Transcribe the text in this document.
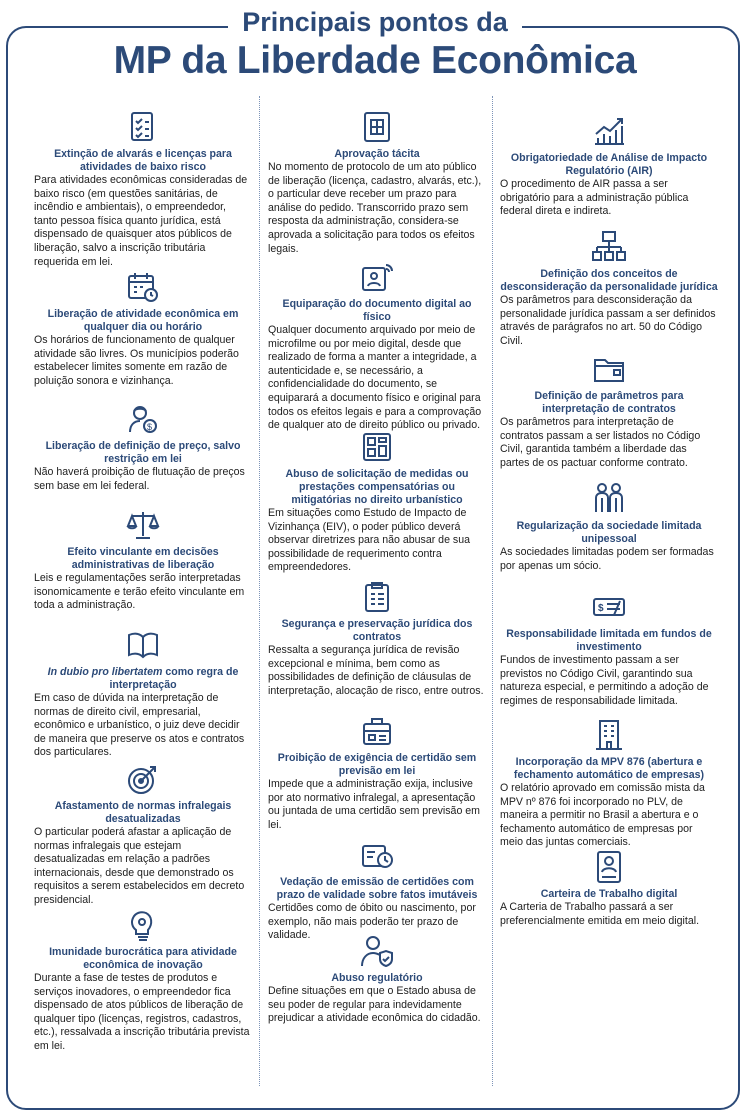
Principais pontos da
MP da Liberdade Econômica
Extinção de alvarás e licenças para atividades de baixo risco
Para atividades econômicas consideradas de baixo risco (em questões sanitárias, de incêndio e ambientais), o empreendedor, tanto pessoa física quanto jurídica, está dispensado de quaisquer atos públicos de liberação, salvo a inscrição tributária requerida em lei.
Liberação de atividade econômica em qualquer dia ou horário
Os horários de funcionamento de qualquer atividade são livres. Os municípios poderão estabelecer limites somente em razão de poluição sonora e vizinhança.
$
Liberação de definição de preço, salvo restrição em lei
Não haverá proibição de flutuação de preços sem base em lei federal.
Efeito vinculante em decisões administrativas de liberação
Leis e regulamentações serão interpretadas isonomicamente e terão efeito vinculante em toda a administração.
In dubio pro libertatem como regra de interpretação
Em caso de dúvida na interpretação de normas de direito civil, empresarial, econômico e urbanístico, o juiz deve decidir de maneira que preserve os atos e contratos dos particulares.
Afastamento de normas infralegais desatualizadas
O particular poderá afastar a aplicação de normas infralegais que estejam desatualizadas em relação a padrões internacionais, desde que demonstrado os requisitos a serem estabelecidos em decreto presidencial.
Imunidade burocrática para atividade econômica de inovação
Durante a fase de testes de produtos e serviços inovadores, o empreendedor fica dispensado de atos públicos de liberação de qualquer tipo (licenças, registros, cadastros, etc.), ressalvada a inscrição tributária prevista em lei.
Aprovação tácita
No momento de protocolo de um ato público de liberação (licença, cadastro, alvarás, etc.), o particular deve receber um prazo para análise do pedido. Transcorrido prazo sem resposta da administração, considera-se aprovada a solicitação para todos os efeitos legais.
Equiparação do documento digital ao físico
Qualquer documento arquivado por meio de microfilme ou por meio digital, desde que realizado de forma a manter a integridade, a autenticidade e, se necessário, a confidencialidade do documento, se equiparará a documento físico e original para todos os efeitos legais e para a comprovação de qualquer ato de direito público ou privado.
Abuso de solicitação de medidas ou prestações compensatórias ou mitigatórias no direito urbanístico
Em situações como Estudo de Impacto de Vizinhança (EIV), o poder público deverá observar diretrizes para não abusar de sua possibilidade de requerimento contra empreendedores.
Segurança e preservação jurídica dos contratos
Ressalta a segurança jurídica de revisão excepcional e mínima, bem como as possibilidades de definição de cláusulas de interpretação, alocação de risco, entre outros.
Proibição de exigência de certidão sem previsão em lei
Impede que a administração exija, inclusive por ato normativo infralegal, a apresentação ou juntada de uma certidão sem previsão em lei.
Vedação de emissão de certidões com prazo de validade sobre fatos imutáveis
Certidões como de óbito ou nascimento, por exemplo, não mais poderão ter prazo de validade.
Abuso regulatório
Define situações em que o Estado abusa de seu poder de regular para indevidamente prejudicar a atividade econômica do cidadão.
Obrigatoriedade de Análise de Impacto Regulatório (AIR)
O procedimento de AIR passa a ser obrigatório para a administração pública federal direta e indireta.
Definição dos conceitos de desconsideração da personalidade jurídica
Os parâmetros para desconsideração da personalidade jurídica passam a ser definidos através de parágrafos no art. 50 do Código Civil.
Definição de parâmetros para interpretação de contratos
Os parâmetros para interpretação de contratos passam a ser listados no Código Civil, garantida também a liberdade das partes de os pactuar conforme contrato.
Regularização da sociedade limitada unipessoal
As sociedades limitadas podem ser formadas por apenas um sócio.
$
Responsabilidade limitada em fundos de investimento
Fundos de investimento passam a ser previstos no Código Civil, garantindo sua natureza especial, e permitindo a adoção de regimes de responsabilidade limitada.
Incorporação da MPV 876 (abertura e fechamento automático de empresas)
O relatório aprovado em comissão mista da MPV nº 876 foi incorporado no PLV, de maneira a permitir no Brasil a abertura e o fechamento automático de empresas por meio das juntas comerciais.
Carteira de Trabalho digital
A Carteria de Trabalho passará a ser preferencialmente emitida em meio digital.
